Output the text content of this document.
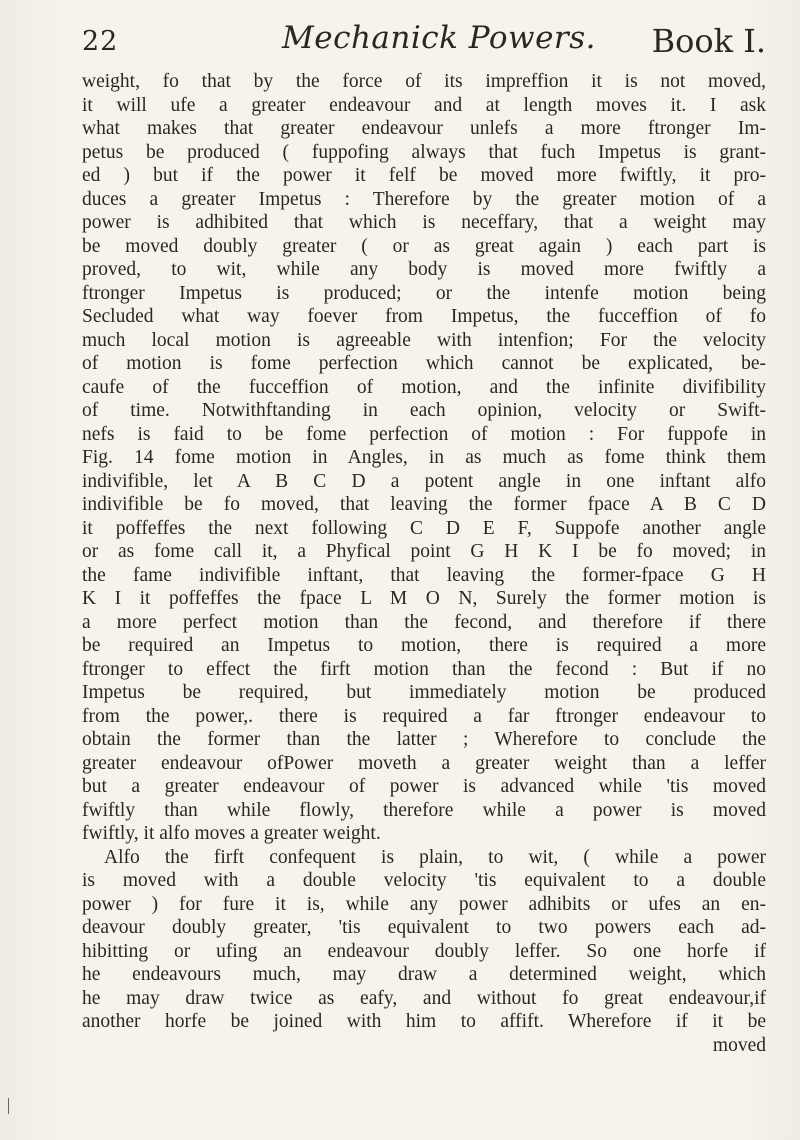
22	Mechanick Powers. Book I.
weight, fo that by the force of its impreffion it is not moved,
it will ufe a greater endeavour and at length moves it. I ask
what makes that greater endeavour unlefs a more ftronger Im-
petus be produced ( fuppofing always that fuch Impetus is grant-
ed ) but if the power it felf be moved more fwiftly, it pro-
duces a greater Impetus : Therefore by the greater motion of a
power is adhibited that which is neceffary, that a weight may
be moved doubly greater ( or as great again ) each part is
proved, to wit, while any body is moved more fwiftly a
ftronger Impetus is produced; or the intenfe motion being
Secluded what way foever from Impetus, the fucceffion of fo
much local motion is agreeable with intenfion; For the velocity
of motion is fome perfection which cannot be explicated, be-
caufe of the fucceffion of motion, and the infinite divifibility
of time. Notwithftanding in each opinion, velocity or Swift-
nefs is faid to be fome perfection of motion : For fuppofe in
Fig. 14 fome motion in Angles, in as much as fome think them
indivifible, let A B C D a potent angle in one inftant alfo
indivifible be fo moved, that leaving the former fpace A B C D
it poffeffes the next following C D E F, Suppofe another angle
or as fome call it, a Phyfical point G H K I be fo moved; in
the fame indivifible inftant, that leaving the former-fpace G H
K I it poffeffes the fpace L M O N, Surely the former motion is
a more perfect motion than the fecond, and therefore if there
be required an Impetus to motion, there is required a more
ftronger to effect the firft motion than the fecond : But if no
Impetus be required, but immediately motion be produced
from the power,. there is required a far ftronger endeavour to
obtain the former than the latter ; Wherefore to conclude the
greater endeavour ofPower moveth a greater weight than a leffer
but a greater endeavour of power is advanced while 'tis moved
fwiftly than while flowly, therefore while a power is moved
fwiftly, it alfo moves a greater weight.
Alfo the firft confequent is plain, to wit, ( while a power
is moved with a double velocity 'tis equivalent to a double
power ) for fure it is, while any power adhibits or ufes an en-
deavour doubly greater, 'tis equivalent to two powers each ad-
hibitting or ufing an endeavour doubly leffer. So one horfe if
he endeavours much, may draw a determined weight, which
he may draw twice as eafy, and without fo great endeavour,if
another horfe be joined with him to affift. Wherefore if it be
moved
